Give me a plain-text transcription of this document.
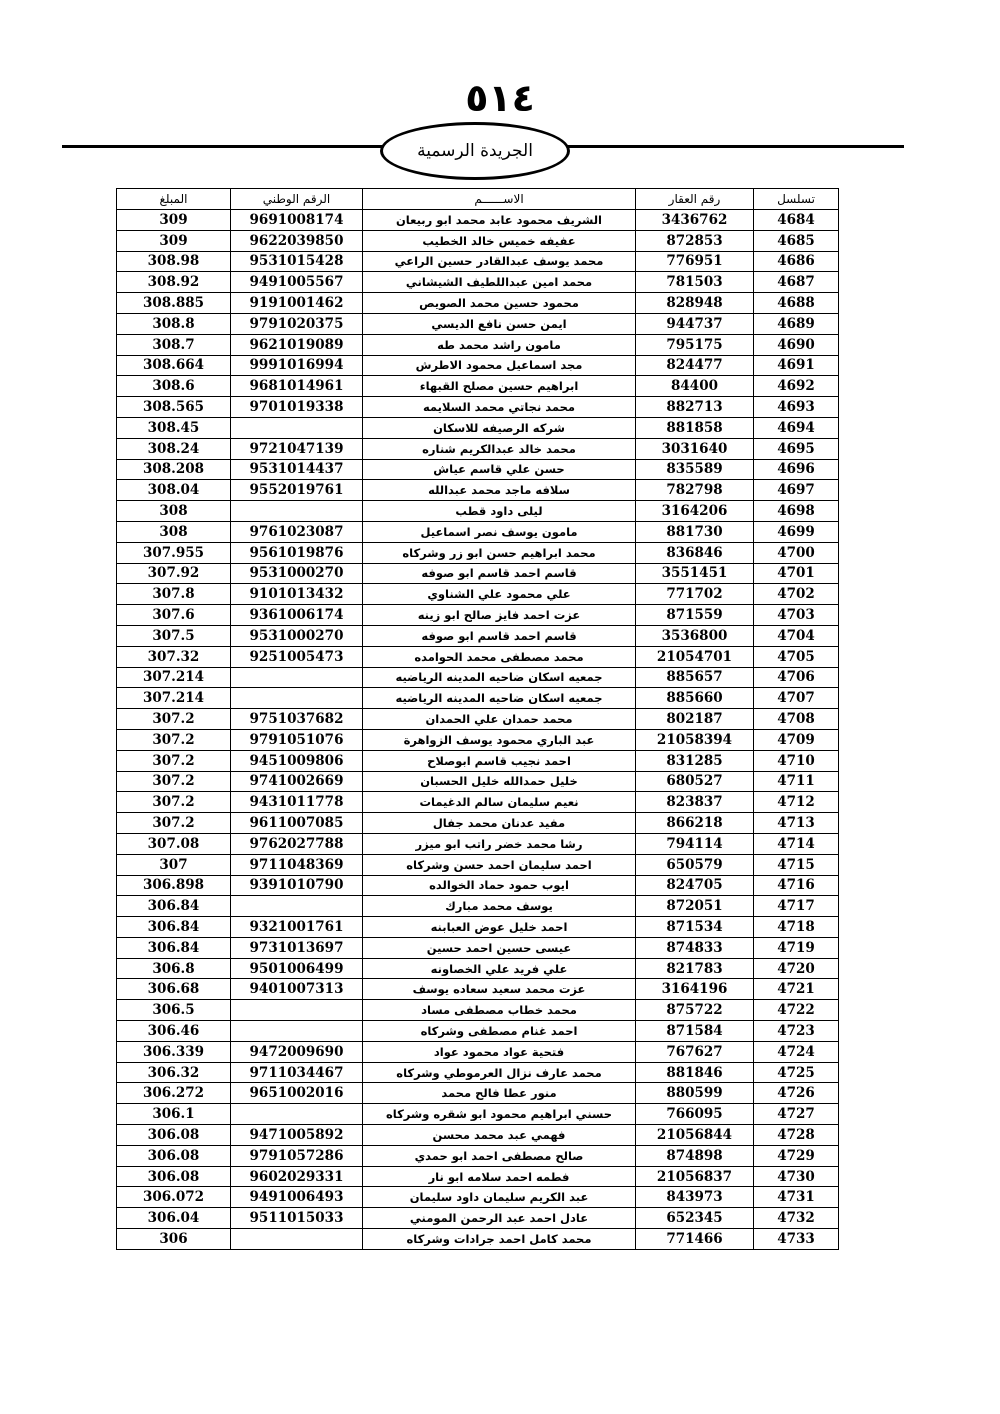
٥١٤
الجريدة الرسمية
تسلسل	رقم العقار	الاســــــم	الرقم الوطني	المبلغ
4684	3436762	الشريف محمود عابد محمد ابو ربيعان	9691008174	309
4685	872853	عفيفه خميس خالد الخطيب	9622039850	309
4686	776951	محمد يوسف عبدالقادر حسين الراعي	9531015428	308.98
4687	781503	محمد امين عبداللطيف الشيشاني	9491005567	308.92
4688	828948	محمود حسين محمد الصويص	9191001462	308.885
4689	944737	ايمن حسن نافع الديسي	9791020375	308.8
4690	795175	مامون راشد محمد طه	9621019089	308.7
4691	824477	مجد اسماعيل محمود الاطرش	9991016994	308.664
4692	84400	ابراهيم حسين مصلح القبهاء	9681014961	308.6
4693	882713	محمد نجاتي محمد السلايمه	9701019338	308.565
4694	881858	شركه الرصيفه للاسكان		308.45
4695	3031640	محمد خالد عبدالكريم شناره	9721047139	308.24
4696	835589	حسن علي قاسم عياش	9531014437	308.208
4697	782798	سلافه ماجد محمد عبدالله	9552019761	308.04
4698	3164206	ليلى داود قطب		308
4699	881730	مامون يوسف نصر اسماعيل	9761023087	308
4700	836846	محمد ابراهيم حسن ابو زر وشركاه	9561019876	307.955
4701	3551451	قاسم احمد قاسم ابو صوفه	9531000270	307.92
4702	771702	علي محمود علي الشناوي	9101013432	307.8
4703	871559	عزت احمد فايز صالح ابو زينه	9361006174	307.6
4704	3536800	قاسم احمد قاسم ابو صوفه	9531000270	307.5
4705	21054701	محمد مصطفى محمد الحوامده	9251005473	307.32
4706	885657	جمعيه اسكان ضاحيه المدينه الرياضيه		307.214
4707	885660	جمعيه اسكان ضاحيه المدينه الرياضيه		307.214
4708	802187	محمد حمدان علي الحمدان	9751037682	307.2
4709	21058394	عبد الباري محمود يوسف الزواهرة	9791051076	307.2
4710	831285	احمد نجيب قاسم ابوصلاح	9451009806	307.2
4711	680527	خليل حمدالله خليل الحسبان	9741002669	307.2
4712	823837	نعيم سليمان سالم الدغيمات	9431011778	307.2
4713	866218	مفيد عدنان محمد جفال	9611007085	307.2
4714	794114	رشا محمد خضر راتب ابو ميزر	9762027788	307.08
4715	650579	احمد سليمان احمد حسن وشركاه	9711048369	307
4716	824705	ايوب حمود حماد الخوالده	9391010790	306.898
4717	872051	يوسف محمد مبارك		306.84
4718	871534	احمد خليل عوض العبابنه	9321001761	306.84
4719	874833	عيسى حسين احمد حسين	9731013697	306.84
4720	821783	علي فريد علي الخصاونه	9501006499	306.8
4721	3164196	عزت محمد سعيد سعاده يوسف	9401007313	306.68
4722	875722	محمد خطاب مصطفى مساد		306.5
4723	871584	احمد غنام مصطفى وشركاه		306.46
4724	767627	فتحية عواد محمود عواد	9472009690	306.339
4725	881846	محمد عارف نزال العرموطي وشركاه	9711034467	306.32
4726	880599	منور عطا فالح محمد	9651002016	306.272
4727	766095	حسني ابراهيم محمود ابو شقره وشركاه		306.1
4728	21056844	فهمي عبد محمد محسن	9471005892	306.08
4729	874898	صالح مصطفى احمد ابو حمدي	9791057286	306.08
4730	21056837	فطمه احمد سلامه ابو نار	9602029331	306.08
4731	843973	عبد الكريم سليمان داود سليمان	9491006493	306.072
4732	652345	عادل احمد عبد الرحمن المومني	9511015033	306.04
4733	771466	محمد كامل احمد جرادات وشركاه		306
